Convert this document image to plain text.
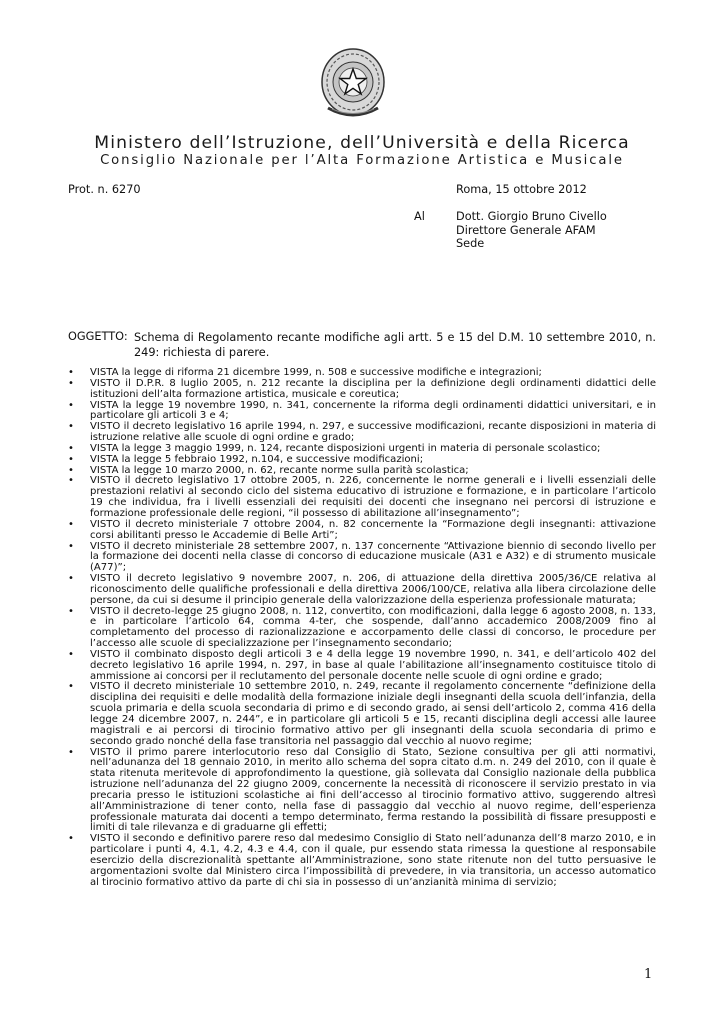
Ministero dell’Istruzione, dell’Università e della Ricerca
Consiglio Nazionale per l’Alta Formazione Artistica e Musicale
Prot. n. 6270	Roma, 15 ottobre 2012
Al	Dott. Giorgio Bruno Civello
Direttore Generale AFAM
Sede
OGGETTO: Schema di Regolamento recante modifiche agli artt. 5 e 15 del D.M. 10 settembre 2010, n. 249: richiesta di parere.
• VISTA la legge di riforma 21 dicembre 1999, n. 508 e successive modifiche e integrazioni;
• VISTO il D.P.R. 8 luglio 2005, n. 212 recante la disciplina per la definizione degli ordinamenti didattici delle istituzioni dell’alta formazione artistica, musicale e coreutica;
• VISTA la legge 19 novembre 1990, n. 341, concernente la riforma degli ordinamenti didattici universitari, e in particolare gli articoli 3 e 4;
• VISTO il decreto legislativo 16 aprile 1994, n. 297, e successive modificazioni, recante disposizioni in materia di istruzione relative alle scuole di ogni ordine e grado;
• VISTA la legge 3 maggio 1999, n. 124, recante disposizioni urgenti in materia di personale scolastico;
• VISTA la legge 5 febbraio 1992, n.104, e successive modificazioni;
• VISTA la legge 10 marzo 2000, n. 62, recante norme sulla parità scolastica;
• VISTO il decreto legislativo 17 ottobre 2005, n. 226, concernente le norme generali e i livelli essenziali delle prestazioni relativi al secondo ciclo del sistema educativo di istruzione e formazione, e in particolare l’articolo 19 che individua, fra i livelli essenziali dei requisiti dei docenti che insegnano nei percorsi di istruzione e formazione professionale delle regioni, “il possesso di abilitazione all’insegnamento”;
• VISTO il decreto ministeriale 7 ottobre 2004, n. 82 concernente la “Formazione degli insegnanti: attivazione corsi abilitanti presso le Accademie di Belle Arti”;
• VISTO il decreto ministeriale 28 settembre 2007, n. 137 concernente “Attivazione biennio di secondo livello per la formazione dei docenti nella classe di concorso di educazione musicale (A31 e A32) e di strumento musicale (A77)”;
• VISTO il decreto legislativo 9 novembre 2007, n. 206, di attuazione della direttiva 2005/36/CE relativa al riconoscimento delle qualifiche professionali e della direttiva 2006/100/CE, relativa alla libera circolazione delle persone, da cui si desume il principio generale della valorizzazione della esperienza professionale maturata;
• VISTO il decreto-legge 25 giugno 2008, n. 112, convertito, con modificazioni, dalla legge 6 agosto 2008, n. 133, e in particolare l’articolo 64, comma 4-ter, che sospende, dall’anno accademico 2008/2009 fino al completamento del processo di razionalizzazione e accorpamento delle classi di concorso, le procedure per l’accesso alle scuole di specializzazione per l’insegnamento secondario;
• VISTO il combinato disposto degli articoli 3 e 4 della legge 19 novembre 1990, n. 341, e dell’articolo 402 del decreto legislativo 16 aprile 1994, n. 297, in base al quale l’abilitazione all’insegnamento costituisce titolo di ammissione ai concorsi per il reclutamento del personale docente nelle scuole di ogni ordine e grado;
• VISTO il decreto ministeriale 10 settembre 2010, n. 249, recante il regolamento concernente “definizione della disciplina dei requisiti e delle modalità della formazione iniziale degli insegnanti della scuola dell’infanzia, della scuola primaria e della scuola secondaria di primo e di secondo grado, ai sensi dell’articolo 2, comma 416 della legge 24 dicembre 2007, n. 244”, e in particolare gli articoli 5 e 15, recanti disciplina degli accessi alle lauree magistrali e ai percorsi di tirocinio formativo attivo per gli insegnanti della scuola secondaria di primo e secondo grado nonché della fase transitoria nel passaggio dal vecchio al nuovo regime;
• VISTO il primo parere interlocutorio reso dal Consiglio di Stato, Sezione consultiva per gli atti normativi, nell’adunanza del 18 gennaio 2010, in merito allo schema del sopra citato d.m. n. 249 del 2010, con il quale è stata ritenuta meritevole di approfondimento la questione, già sollevata dal Consiglio nazionale della pubblica istruzione nell’adunanza del 22 giugno 2009, concernente la necessità di riconoscere il servizio prestato in via precaria presso le istituzioni scolastiche ai fini dell’accesso al tirocinio formativo attivo, suggerendo altresì all’Amministrazione di tener conto, nella fase di passaggio dal vecchio al nuovo regime, dell’esperienza professionale maturata dai docenti a tempo determinato, ferma restando la possibilità di fissare presupposti e limiti di tale rilevanza e di graduarne gli effetti;
• VISTO il secondo e definitivo parere reso dal medesimo Consiglio di Stato nell’adunanza dell’8 marzo 2010, e in particolare i punti 4, 4.1, 4.2, 4.3 e 4.4, con il quale, pur essendo stata rimessa la questione al responsabile esercizio della discrezionalità spettante all’Amministrazione, sono state ritenute non del tutto persuasive le argomentazioni svolte dal Ministero circa l’impossibilità di prevedere, in via transitoria, un accesso automatico al tirocinio formativo attivo da parte di chi sia in possesso di un’anzianità minima di servizio;
1
